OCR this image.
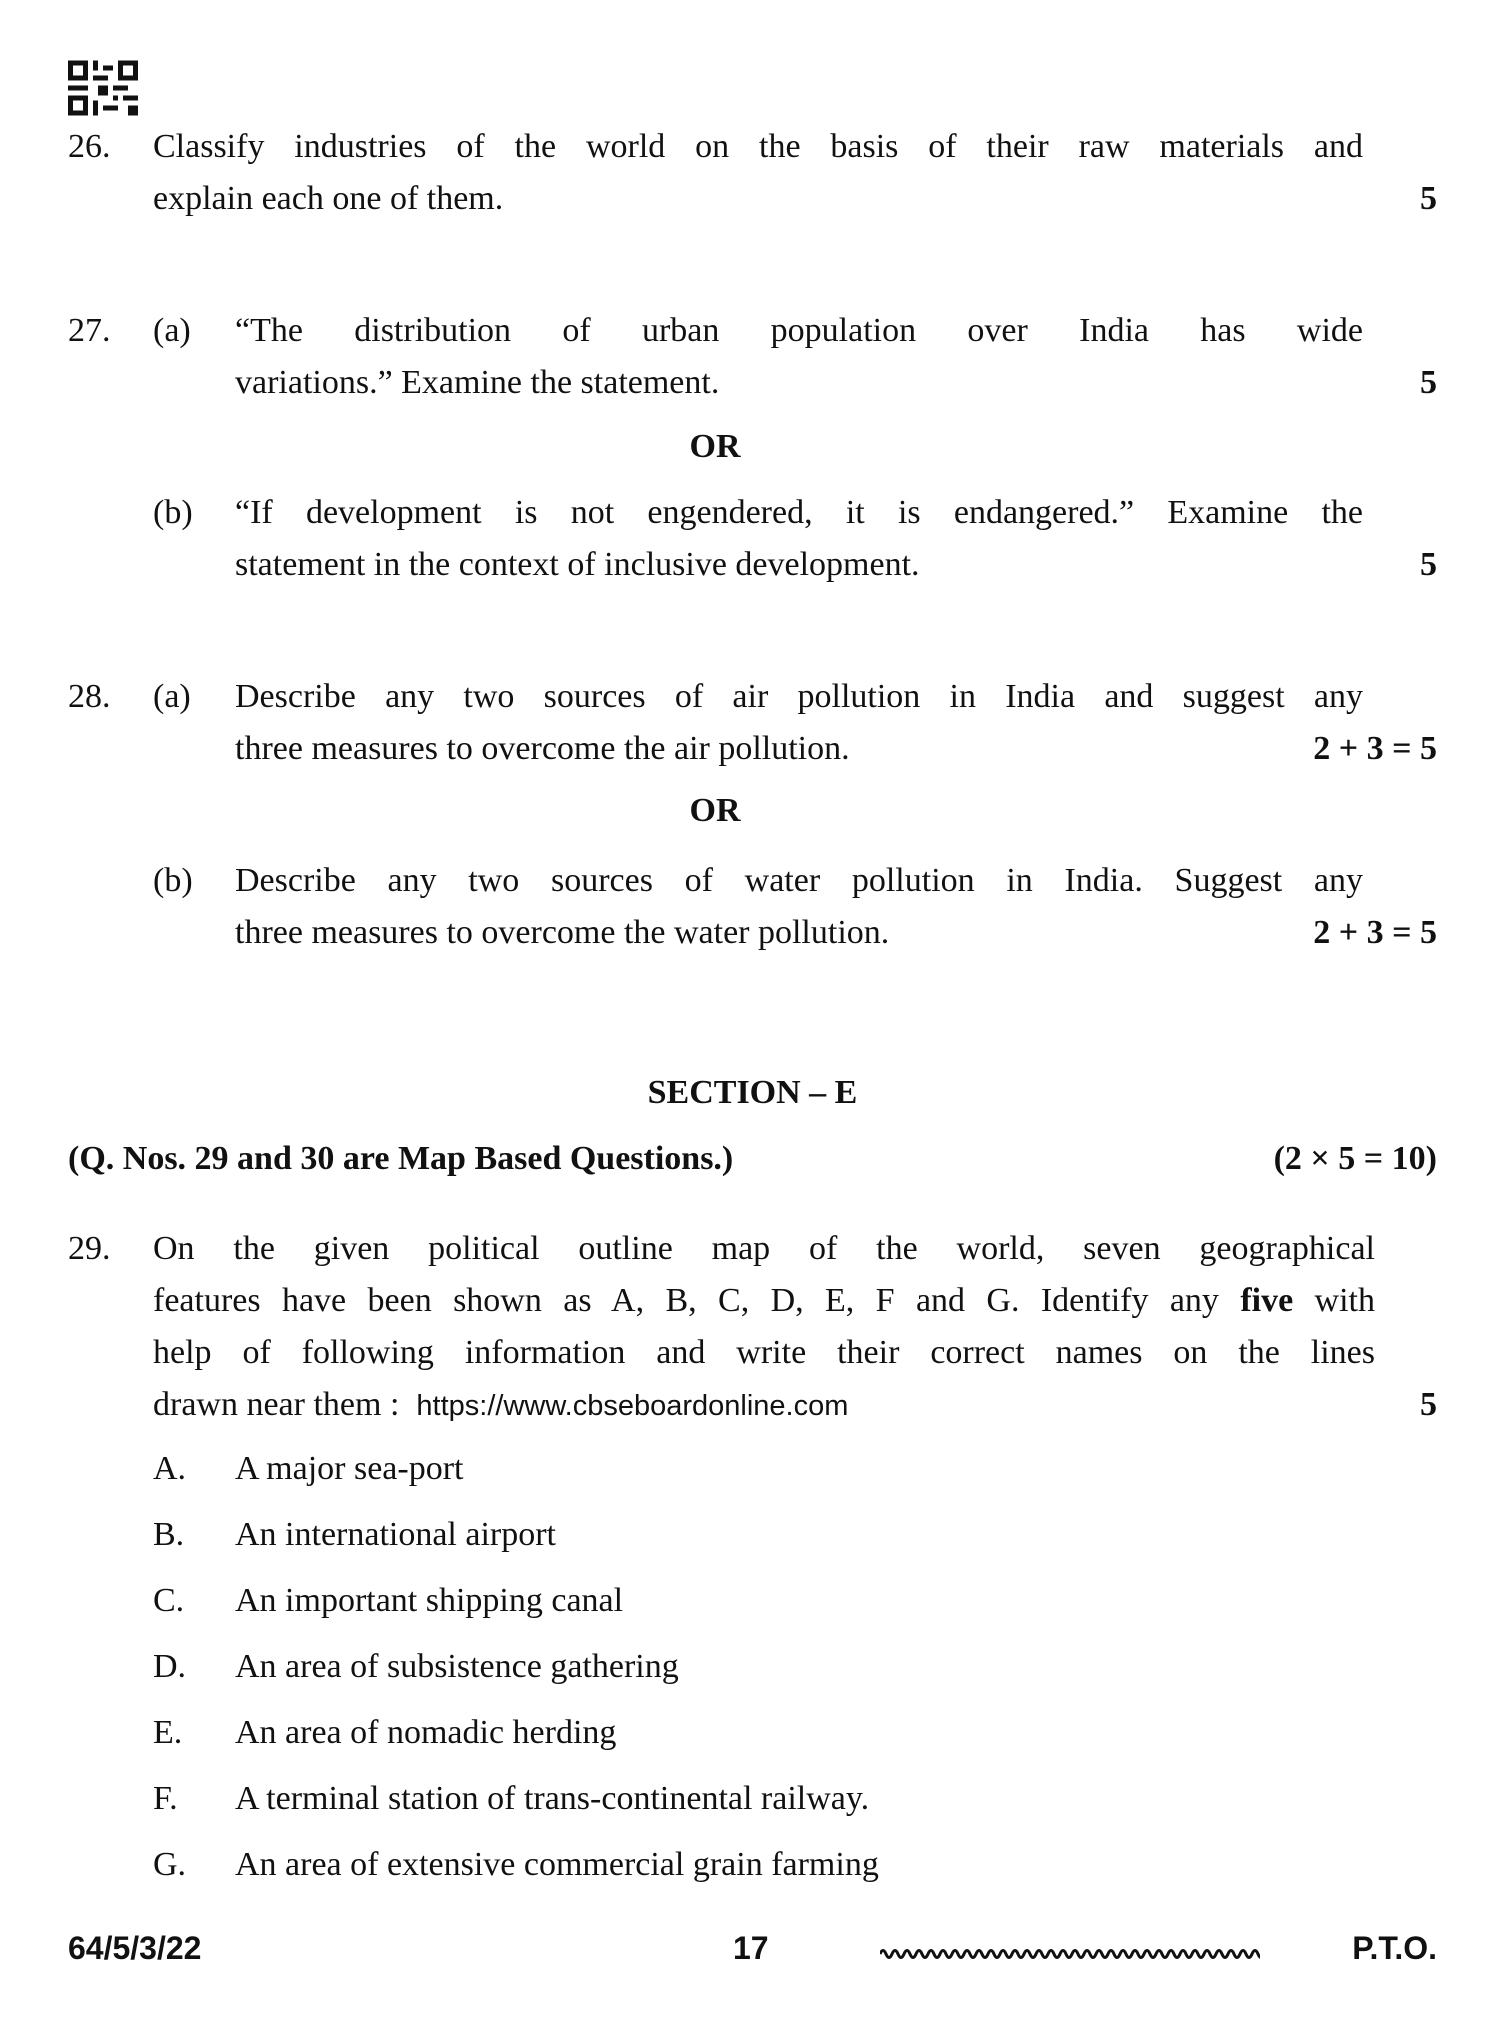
26. Classify industries of the world on the basis of their raw materials and
explain each one of them.	5
27. (a) “The distribution of urban population over India has wide
variations.” Examine the statement.	5
OR
(b) “If development is not engendered, it is endangered.” Examine the
statement in the context of inclusive development.	5
28. (a) Describe any two sources of air pollution in India and suggest any
three measures to overcome the air pollution.	2 + 3 = 5
OR
(b) Describe any two sources of water pollution in India. Suggest any
three measures to overcome the water pollution.	2 + 3 = 5
SECTION – E
(Q. Nos. 29 and 30 are Map Based Questions.)	(2 × 5 = 10)
29. On the given political outline map of the world, seven geographical
features have been shown as A, B, C, D, E, F and G. Identify any five with
help of following information and write their correct names on the lines
drawn near them : https://www.cbseboardonline.com	5
A. A major sea-port
B. An international airport
C. An important shipping canal
D. An area of subsistence gathering
E. An area of nomadic herding
F. A terminal station of trans-continental railway.
G. An area of extensive commercial grain farming
64/5/3/22	17	P.T.O.
